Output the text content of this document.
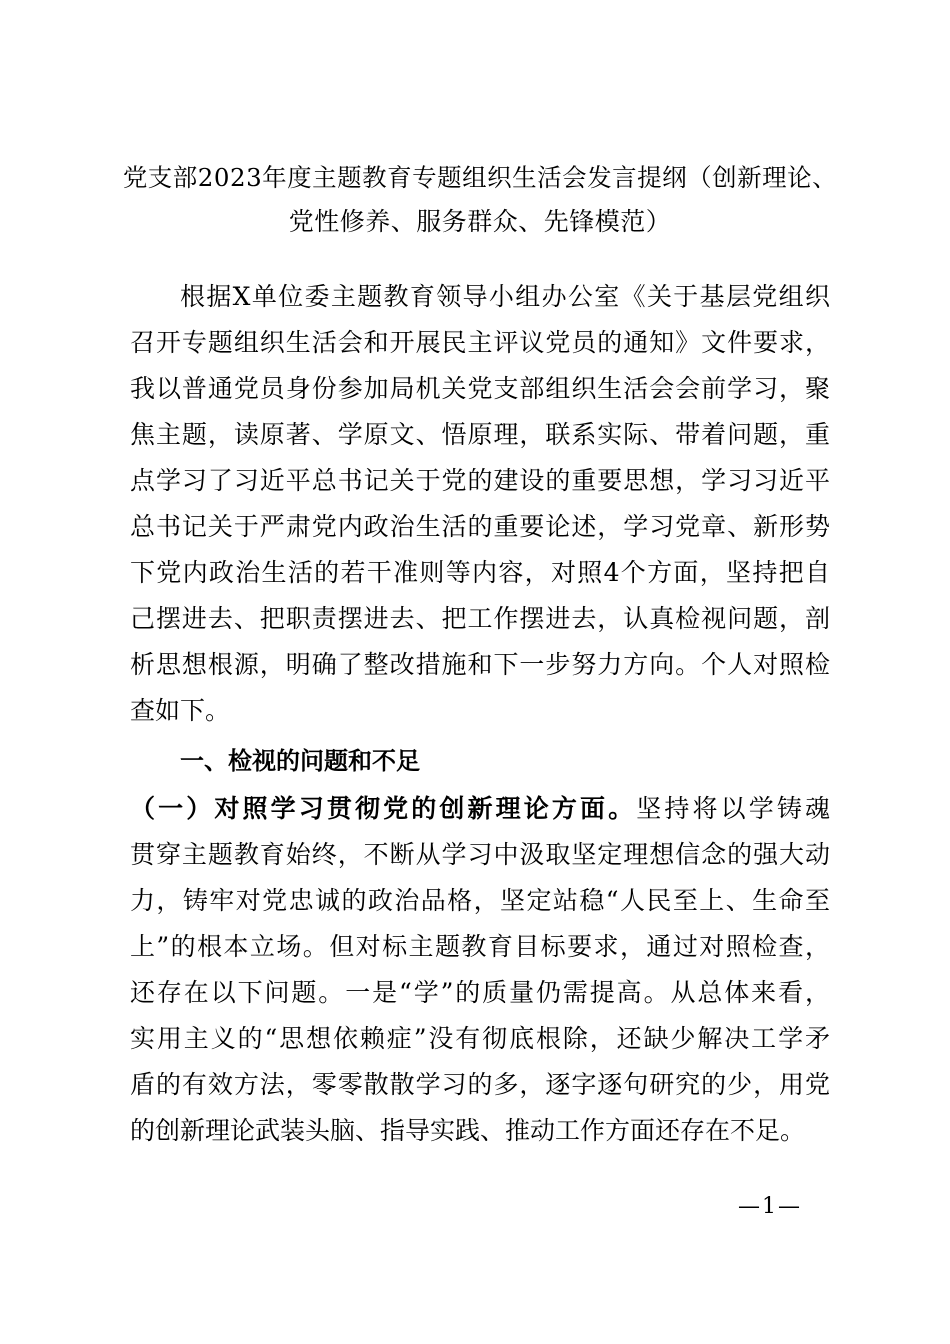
党支部2023年度主题教育专题组织生活会发言提纲（创新理论、
党性修养、服务群众、先锋模范）
根据X单位委主题教育领导小组办公室《关于基层党组织
召开专题组织生活会和开展民主评议党员的通知》文件要求，
我以普通党员身份参加局机关党支部组织生活会会前学习，聚
焦主题，读原著、学原文、悟原理，联系实际、带着问题，重
点学习了习近平总书记关于党的建设的重要思想，学习习近平
总书记关于严肃党内政治生活的重要论述，学习党章、新形势
下党内政治生活的若干准则等内容，对照4个方面，坚持把自
己摆进去、把职责摆进去、把工作摆进去，认真检视问题，剖
析思想根源，明确了整改措施和下一步努力方向。个人对照检
查如下。
一、检视的问题和不足
（一）对照学习贯彻党的创新理论方面。坚持将以学铸魂
贯穿主题教育始终，不断从学习中汲取坚定理想信念的强大动
力，铸牢对党忠诚的政治品格，坚定站稳“人民至上、生命至
上”的根本立场。但对标主题教育目标要求，通过对照检查，
还存在以下问题。一是“学”的质量仍需提高。从总体来看，
实用主义的“思想依赖症”没有彻底根除，还缺少解决工学矛
盾的有效方法，零零散散学习的多，逐字逐句研究的少，用党
的创新理论武装头脑、指导实践、推动工作方面还存在不足。
—1—
